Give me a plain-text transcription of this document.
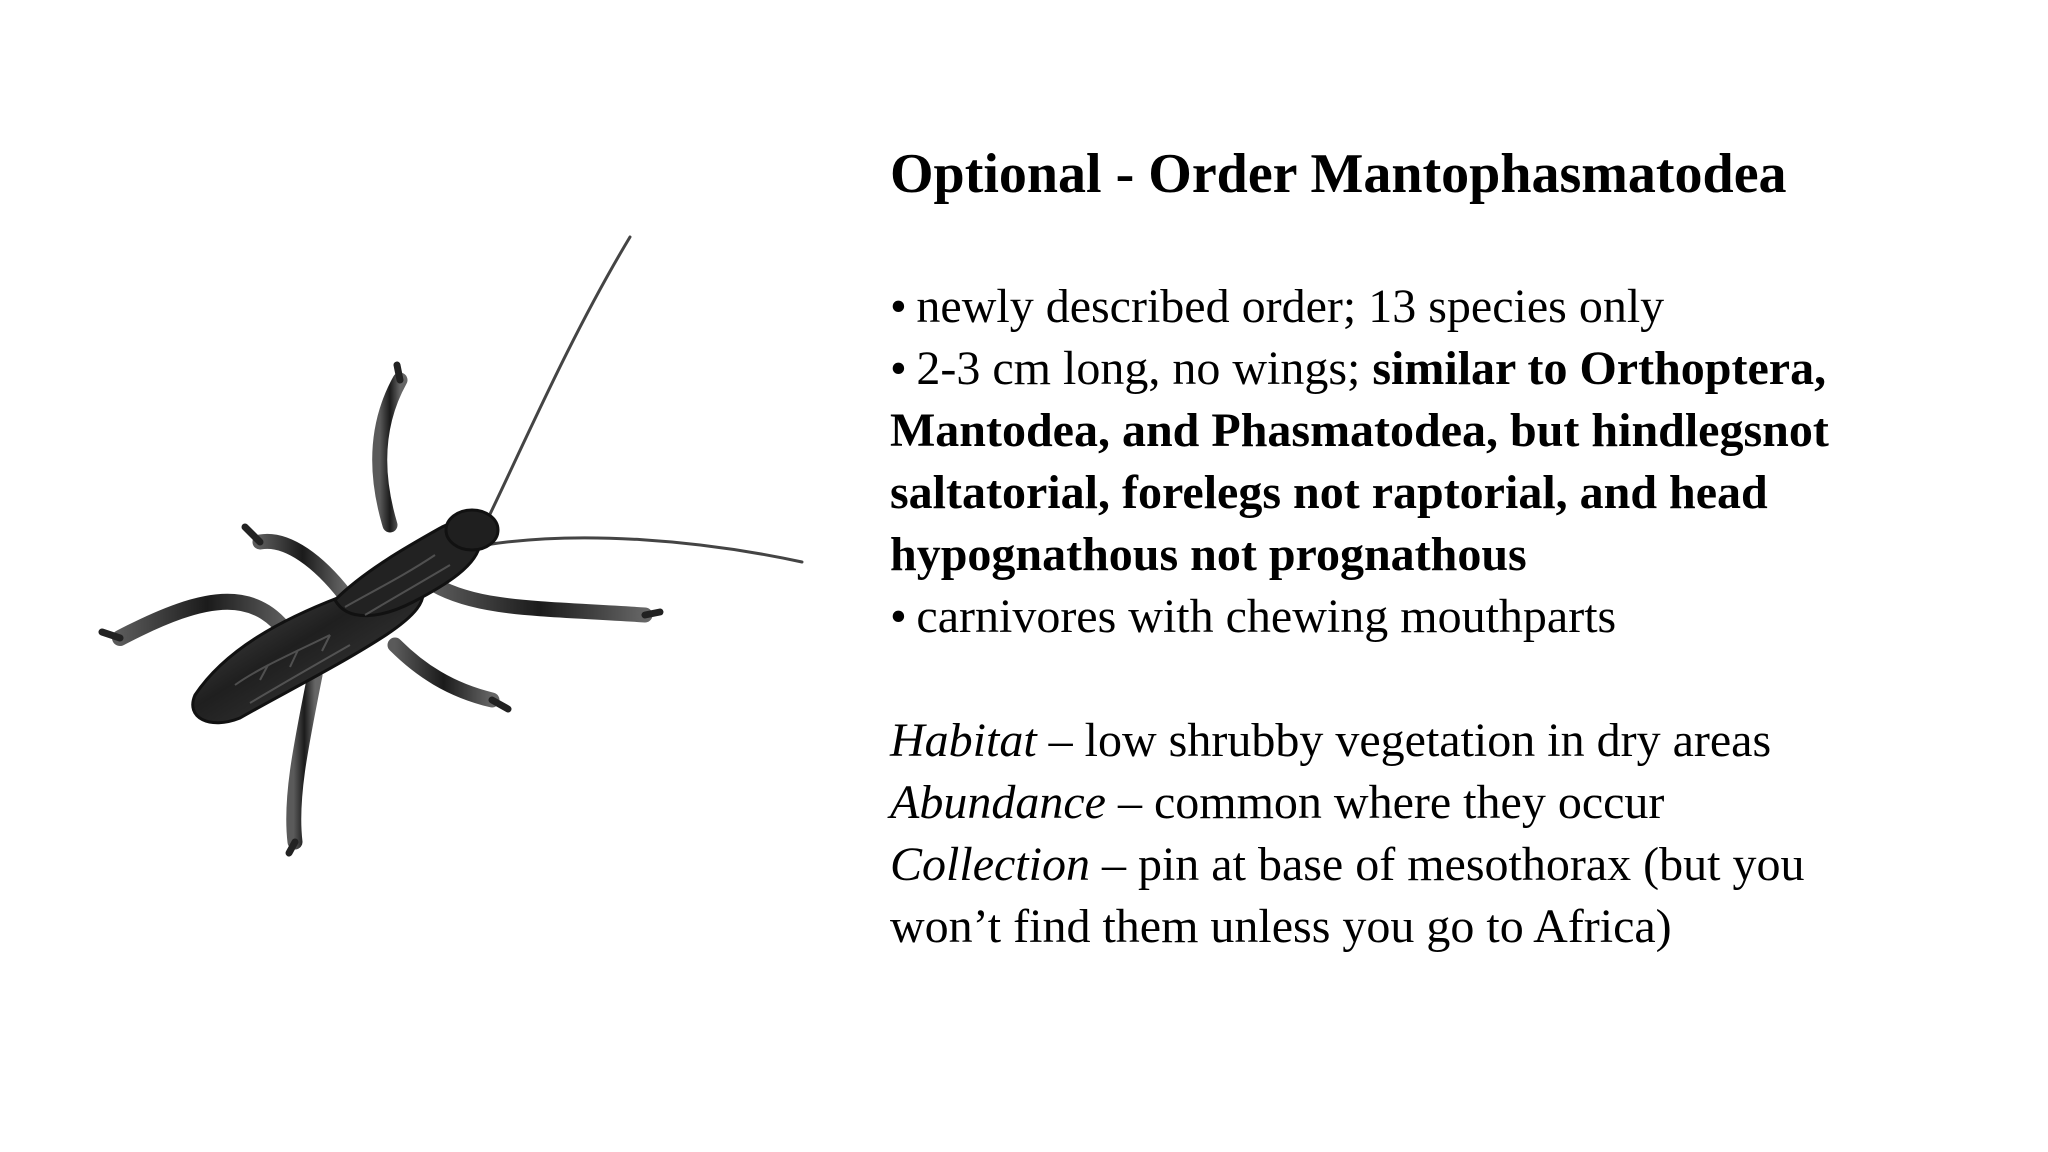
Optional - Order Mantophasmatodea

• newly described order; 13 species only

• 2-3 cm long, no wings; similar to Orthoptera,

Mantodea, and Phasmatodea, but hindlegsnot

saltatorial, forelegs not raptorial, and head

hypognathous not prognathous

• carnivores with chewing mouthparts

Habitat – low shrubby vegetation in dry areas

Abundance – common where they occur

Collection – pin at base of mesothorax (but you

won’t find them unless you go to Africa)
